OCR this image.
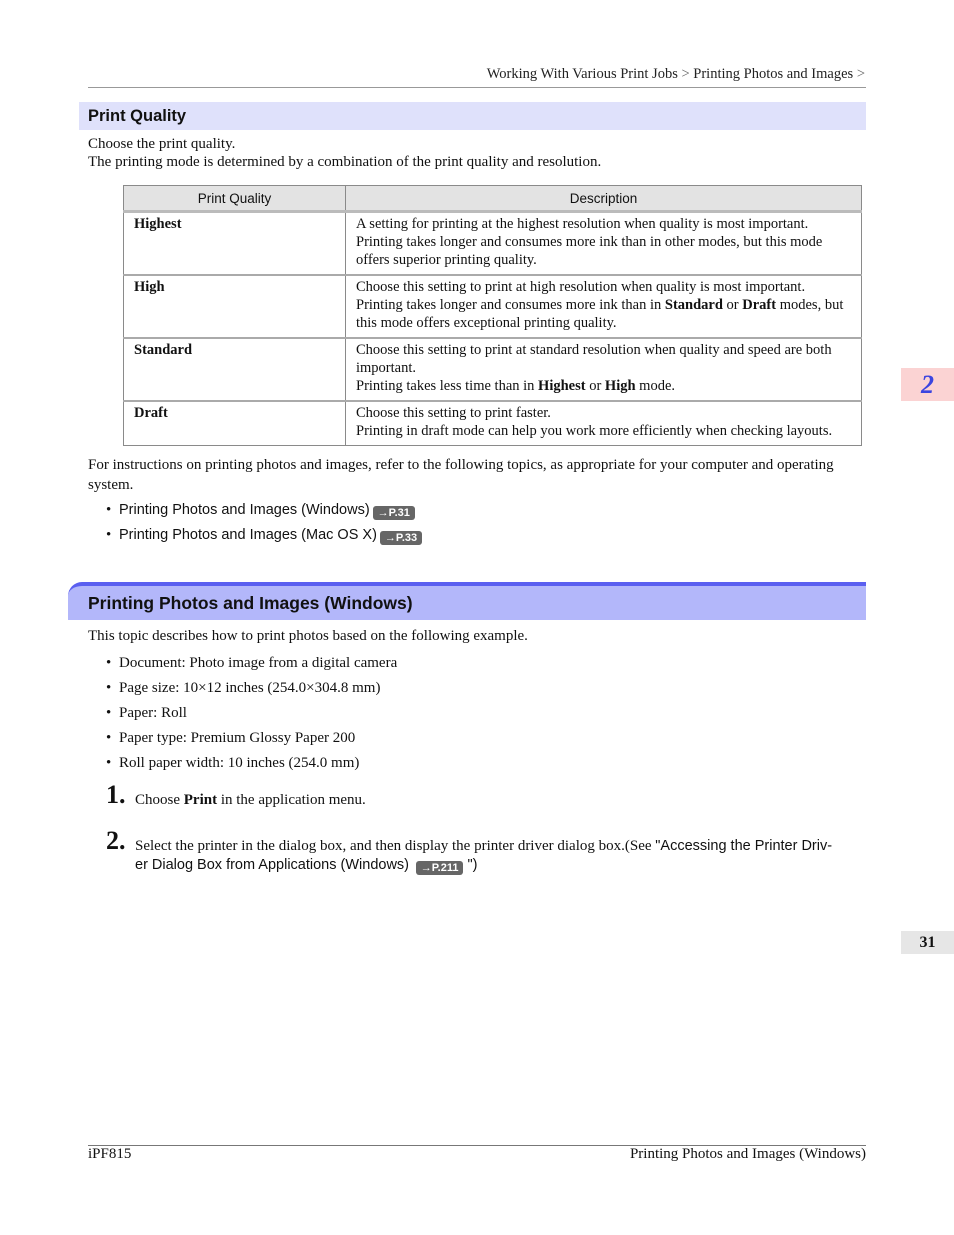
Working With Various Print Jobs > Printing Photos and Images >
Print Quality
Choose the print quality.
The printing mode is determined by a combination of the print quality and resolution.
Print Quality	Description
Highest	A setting for printing at the highest resolution when quality is most important.
Printing takes longer and consumes more ink than in other modes, but this mode offers superior printing quality.

High	Choose this setting to print at high resolution when quality is most important.
Printing takes longer and consumes more ink than in Standard or Draft modes, but this mode offers exceptional printing quality.

Standard	Choose this setting to print at standard resolution when quality and speed are both important.
Printing takes less time than in Highest or High mode.

Draft	Choose this setting to print faster.
Printing in draft mode can help you work more efficiently when checking layouts.
For instructions on printing photos and images, refer to the following topics, as appropriate for your computer and operating system.
• Printing Photos and Images (Windows) →P.31
• Printing Photos and Images (Mac OS X) →P.33
Printing Photos and Images (Windows)
This topic describes how to print photos based on the following example.
• Document: Photo image from a digital camera
• Page size: 10×12 inches (254.0×304.8 mm)
• Paper: Roll
• Paper type: Premium Glossy Paper 200
• Roll paper width: 10 inches (254.0 mm)
1. Choose Print in the application menu.
2. Select the printer in the dialog box, and then display the printer driver dialog box.(See "Accessing the Printer Driv-
er Dialog Box from Applications (Windows) →P.211 ")
2
31
iPF815	Printing Photos and Images (Windows)
